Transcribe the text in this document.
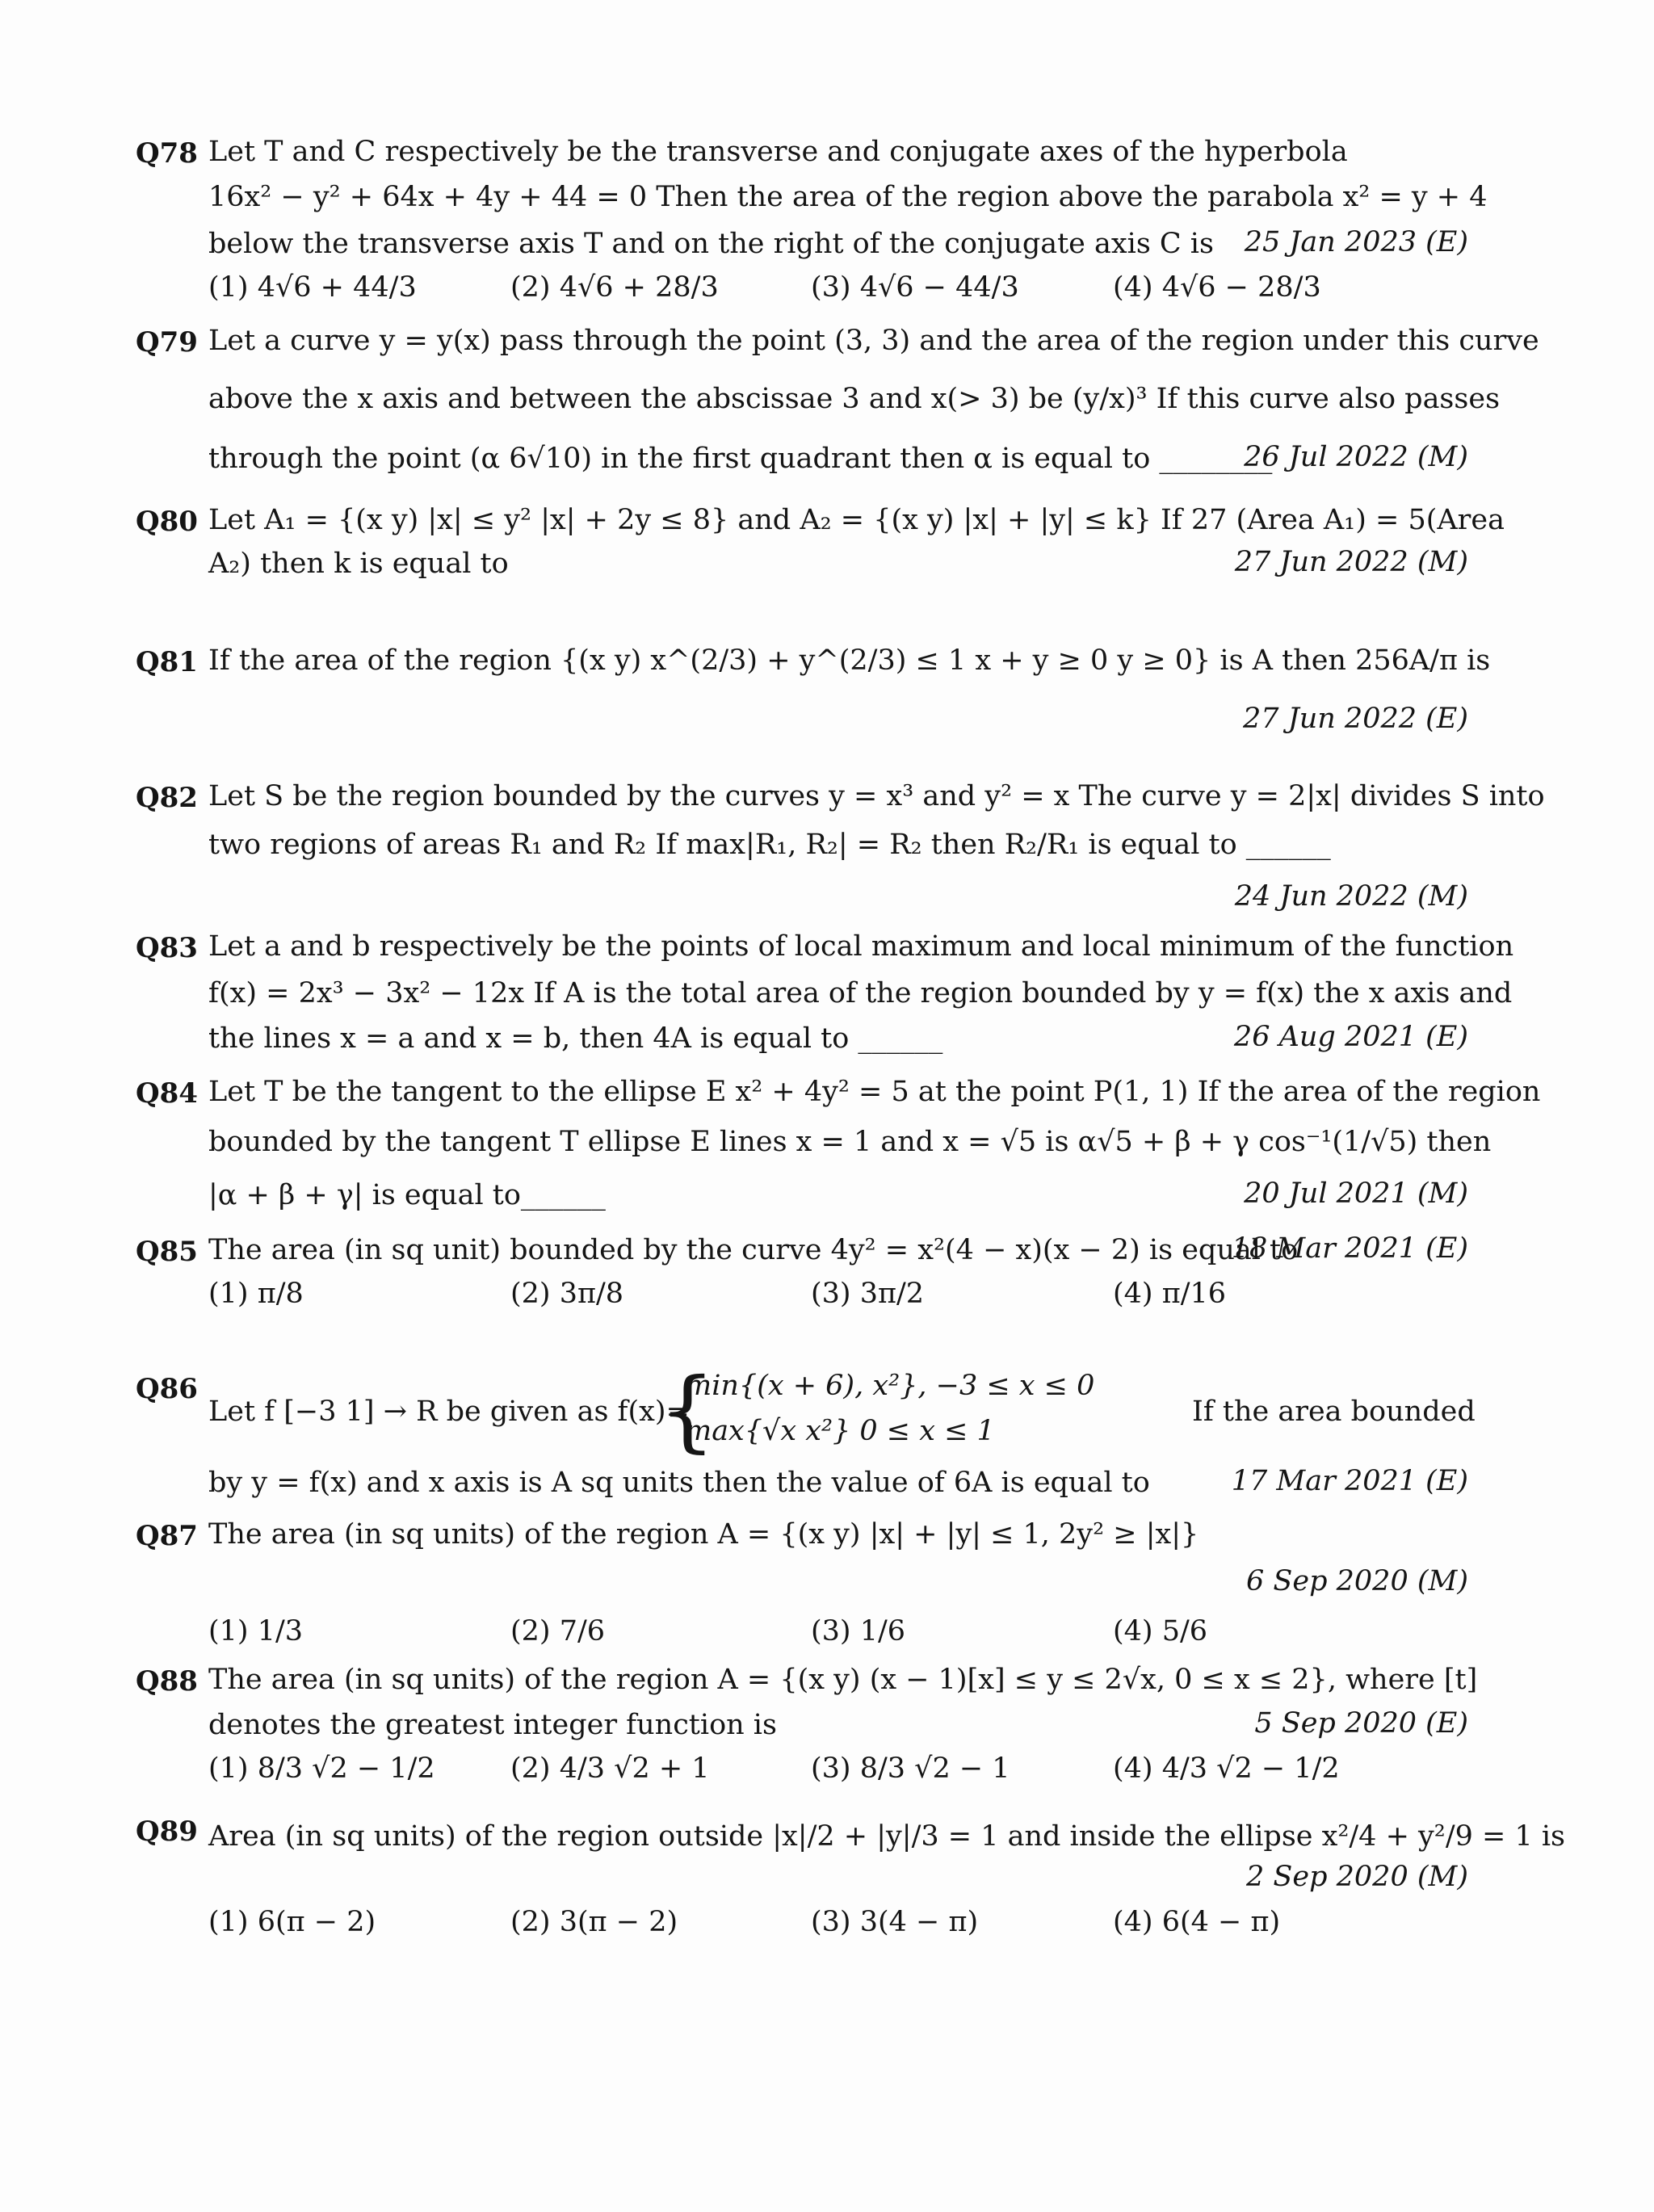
Q78 Let T and C respectively be the transverse and conjugate axes of the hyperbola
16x² − y² + 64x + 4y + 44 = 0 Then the area of the region above the parabola x² = y + 4
below the transverse axis T and on the right of the conjugate axis C is	25 Jan 2023 (E)
(1) 4√6 + 44/3	(2) 4√6 + 28/3	(3) 4√6 − 44/3	(4) 4√6 − 28/3
Q79 Let a curve y = y(x) pass through the point (3, 3) and the area of the region under this curve
above the x axis and between the abscissae 3 and x(> 3) be (y/x)³ If this curve also passes
through the point (α 6√10) in the first quadrant then α is equal to ________
26 Jul 2022 (M)
Q80 Let A₁ = {(x y) |x| ≤ y² |x| + 2y ≤ 8} and A₂ = {(x y) |x| + |y| ≤ k} If 27 (Area A₁) = 5(Area
A₂) then k is equal to	27 Jun 2022 (M)
Q81 If the area of the region {(x y) x^(2/3) + y^(2/3) ≤ 1 x + y ≥ 0 y ≥ 0} is A then 256A/π is
27 Jun 2022 (E)
Q82 Let S be the region bounded by the curves y = x³ and y² = x The curve y = 2|x| divides S into
two regions of areas R₁ and R₂ If max|R₁, R₂| = R₂ then R₂/R₁ is equal to ______
24 Jun 2022 (M)
Q83 Let a and b respectively be the points of local maximum and local minimum of the function
f(x) = 2x³ − 3x² − 12x If A is the total area of the region bounded by y = f(x) the x axis and
the lines x = a and x = b, then 4A is equal to ______	26 Aug 2021 (E)
Q84 Let T be the tangent to the ellipse E x² + 4y² = 5 at the point P(1, 1) If the area of the region
bounded by the tangent T ellipse E lines x = 1 and x = √5 is α√5 + β + γ cos⁻¹(1/√5) then
|α + β + γ| is equal to______	20 Jul 2021 (M)
Q85 The area (in sq unit) bounded by the curve 4y² = x²(4 − x)(x − 2) is equal to
18 Mar 2021 (E)
(1) π/8	(2) 3π/8	(3) 3π/2	(4) π/16
Q86
Let f [−3 1] → R be given as f(x)=
min{(x + 6), x²}, −3 ≤ x ≤ 0
max{√x x²} 0 ≤ x ≤ 1
{	If the area bounded
by y = f(x) and x axis is A sq units then the value of 6A is equal to	17 Mar 2021 (E)
Q87 The area (in sq units) of the region A = {(x y) |x| + |y| ≤ 1, 2y² ≥ |x|}
6 Sep 2020 (M)
(1) 1/3	(2) 7/6	(3) 1/6	(4) 5/6
Q88 The area (in sq units) of the region A = {(x y) (x − 1)[x] ≤ y ≤ 2√x, 0 ≤ x ≤ 2}, where [t]
denotes the greatest integer function is	5 Sep 2020 (E)
(1) 8/3 √2 − 1/2	(2) 4/3 √2 + 1	(3) 8/3 √2 − 1	(4) 4/3 √2 − 1/2
Q89 Area (in sq units) of the region outside |x|/2 + |y|/3 = 1 and inside the ellipse x²/4 + y²/9 = 1 is
2 Sep 2020 (M)
(1) 6(π − 2)	(2) 3(π − 2)	(3) 3(4 − π)	(4) 6(4 − π)
